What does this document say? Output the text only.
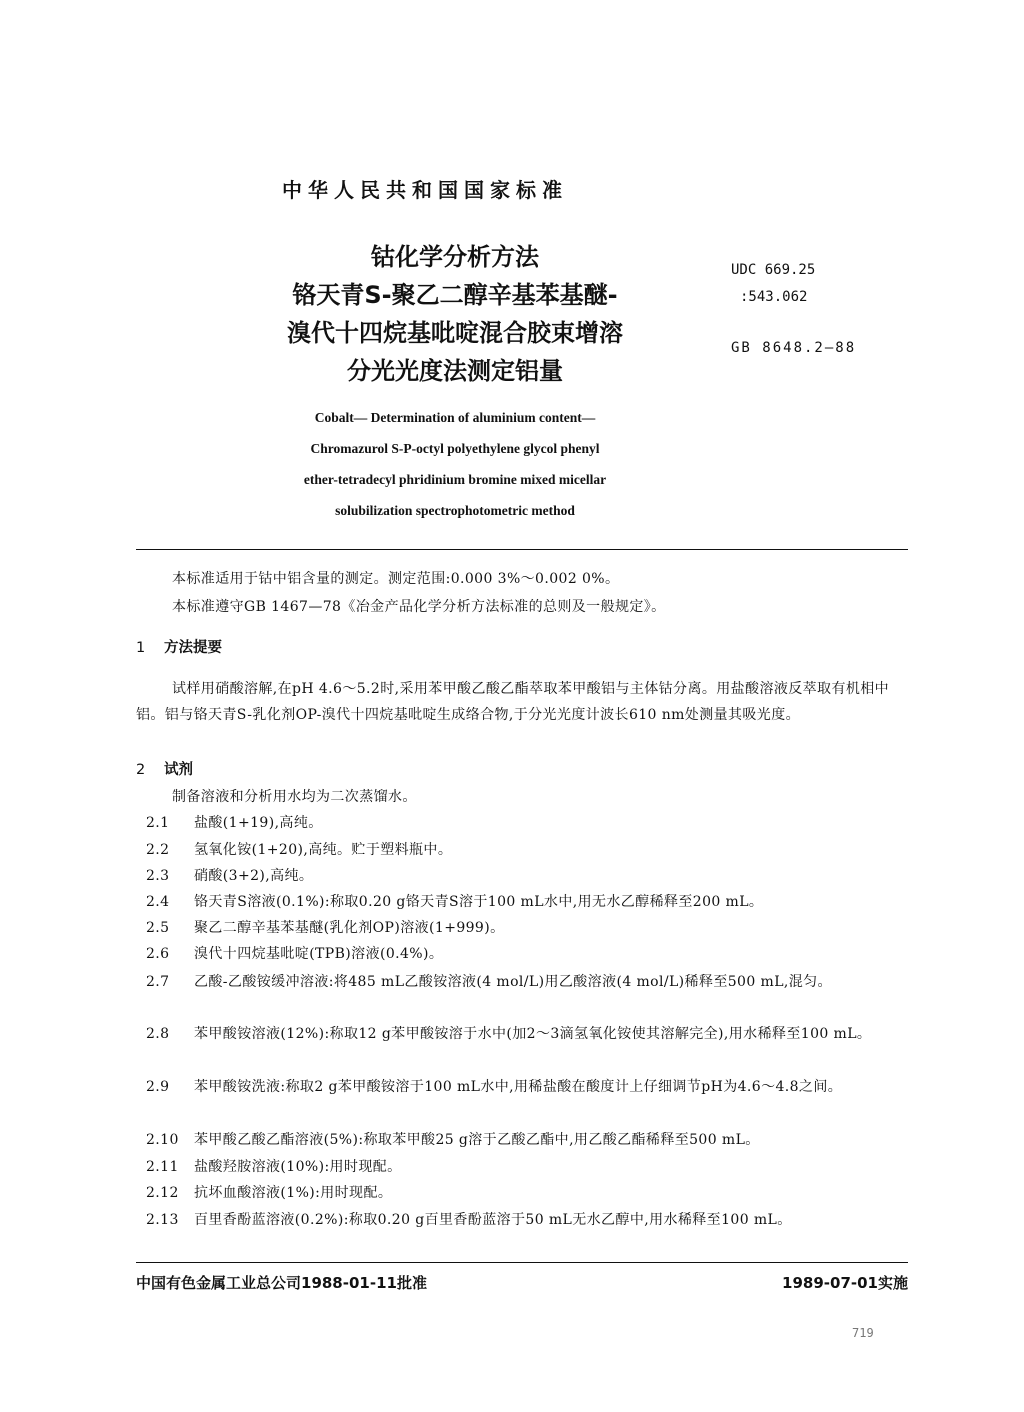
中华人民共和国国家标准
钴化学分析方法
铬天青S-聚乙二醇辛基苯基醚-
溴代十四烷基吡啶混合胶束增溶
分光光度法测定铝量
UDC 669.25
:543.062
GB 8648.2—88
Cobalt— Determination of aluminium content—
Chromazurol S-P-octyl polyethylene glycol phenyl
ether-tetradecyl phridinium bromine mixed micellar
solubilization spectrophotometric method
本标准适用于钴中铝含量的测定。测定范围:0.000 3%～0.002 0%。
本标准遵守GB 1467—78《冶金产品化学分析方法标准的总则及一般规定》。
1 方法提要
试样用硝酸溶解,在pH 4.6～5.2时,采用苯甲酸乙酸乙酯萃取苯甲酸铝与主体钴分离。用盐酸溶液反萃取有机相中铝。铝与铬天青S-乳化剂OP-溴代十四烷基吡啶生成络合物,于分光光度计波长610 nm处测量其吸光度。
2 试剂
制备溶液和分析用水均为二次蒸馏水。
2.1 盐酸(1+19),高纯。
2.2 氢氧化铵(1+20),高纯。贮于塑料瓶中。
2.3 硝酸(3+2),高纯。
2.4 铬天青S溶液(0.1%):称取0.20 g铬天青S溶于100 mL水中,用无水乙醇稀释至200 mL。
2.5 聚乙二醇辛基苯基醚(乳化剂OP)溶液(1+999)。
2.6 溴代十四烷基吡啶(TPB)溶液(0.4%)。
2.7 乙酸-乙酸铵缓冲溶液:将485 mL乙酸铵溶液(4 mol/L)用乙酸溶液(4 mol/L)稀释至500 mL,混匀。
2.8 苯甲酸铵溶液(12%):称取12 g苯甲酸铵溶于水中(加2～3滴氢氧化铵使其溶解完全),用水稀释至100 mL。
2.9 苯甲酸铵洗液:称取2 g苯甲酸铵溶于100 mL水中,用稀盐酸在酸度计上仔细调节pH为4.6～4.8之间。
2.10 苯甲酸乙酸乙酯溶液(5%):称取苯甲酸25 g溶于乙酸乙酯中,用乙酸乙酯稀释至500 mL。
2.11 盐酸羟胺溶液(10%):用时现配。
2.12 抗坏血酸溶液(1%):用时现配。
2.13 百里香酚蓝溶液(0.2%):称取0.20 g百里香酚蓝溶于50 mL无水乙醇中,用水稀释至100 mL。
中国有色金属工业总公司1988-01-11批准	1989-07-01实施
719
